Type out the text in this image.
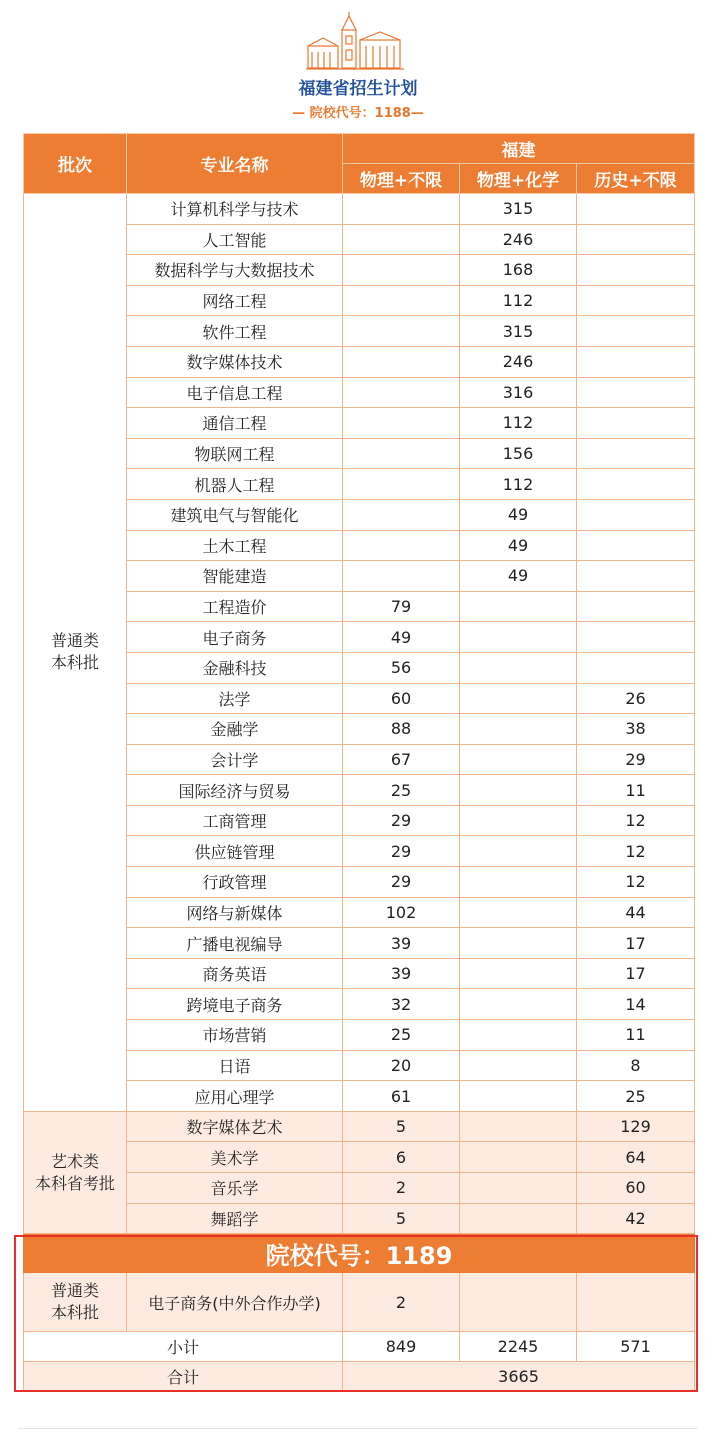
福建省招生计划
— 院校代号：1188—
批次	专业名称	福建		
		物理+不限	物理+化学	历史+不限
普通类
本科批	计算机科学与技术		315	
	人工智能		246	
	数据科学与大数据技术		168	
	网络工程		112	
	软件工程		315	
	数字媒体技术		246	
	电子信息工程		316	
	通信工程		112	
	物联网工程		156	
	机器人工程		112	
	建筑电气与智能化		49	
	土木工程		49	
	智能建造		49	
	工程造价	79		
	电子商务	49		
	金融科技	56		
	法学	60		26
	金融学	88		38
	会计学	67		29
	国际经济与贸易	25		11
	工商管理	29		12
	供应链管理	29		12
	行政管理	29		12
	网络与新媒体	102		44
	广播电视编导	39		17
	商务英语	39		17
	跨境电子商务	32		14
	市场营销	25		11
	日语	20		8
	应用心理学	61		25
艺术类
本科省考批	数字媒体艺术	5		129
	美术学	6		64
	音乐学	2		60
	舞蹈学	5		42
院校代号：1189				
普通类
本科批	电子商务(中外合作办学)	2		
小计		849	2245	571
合计		3665		
